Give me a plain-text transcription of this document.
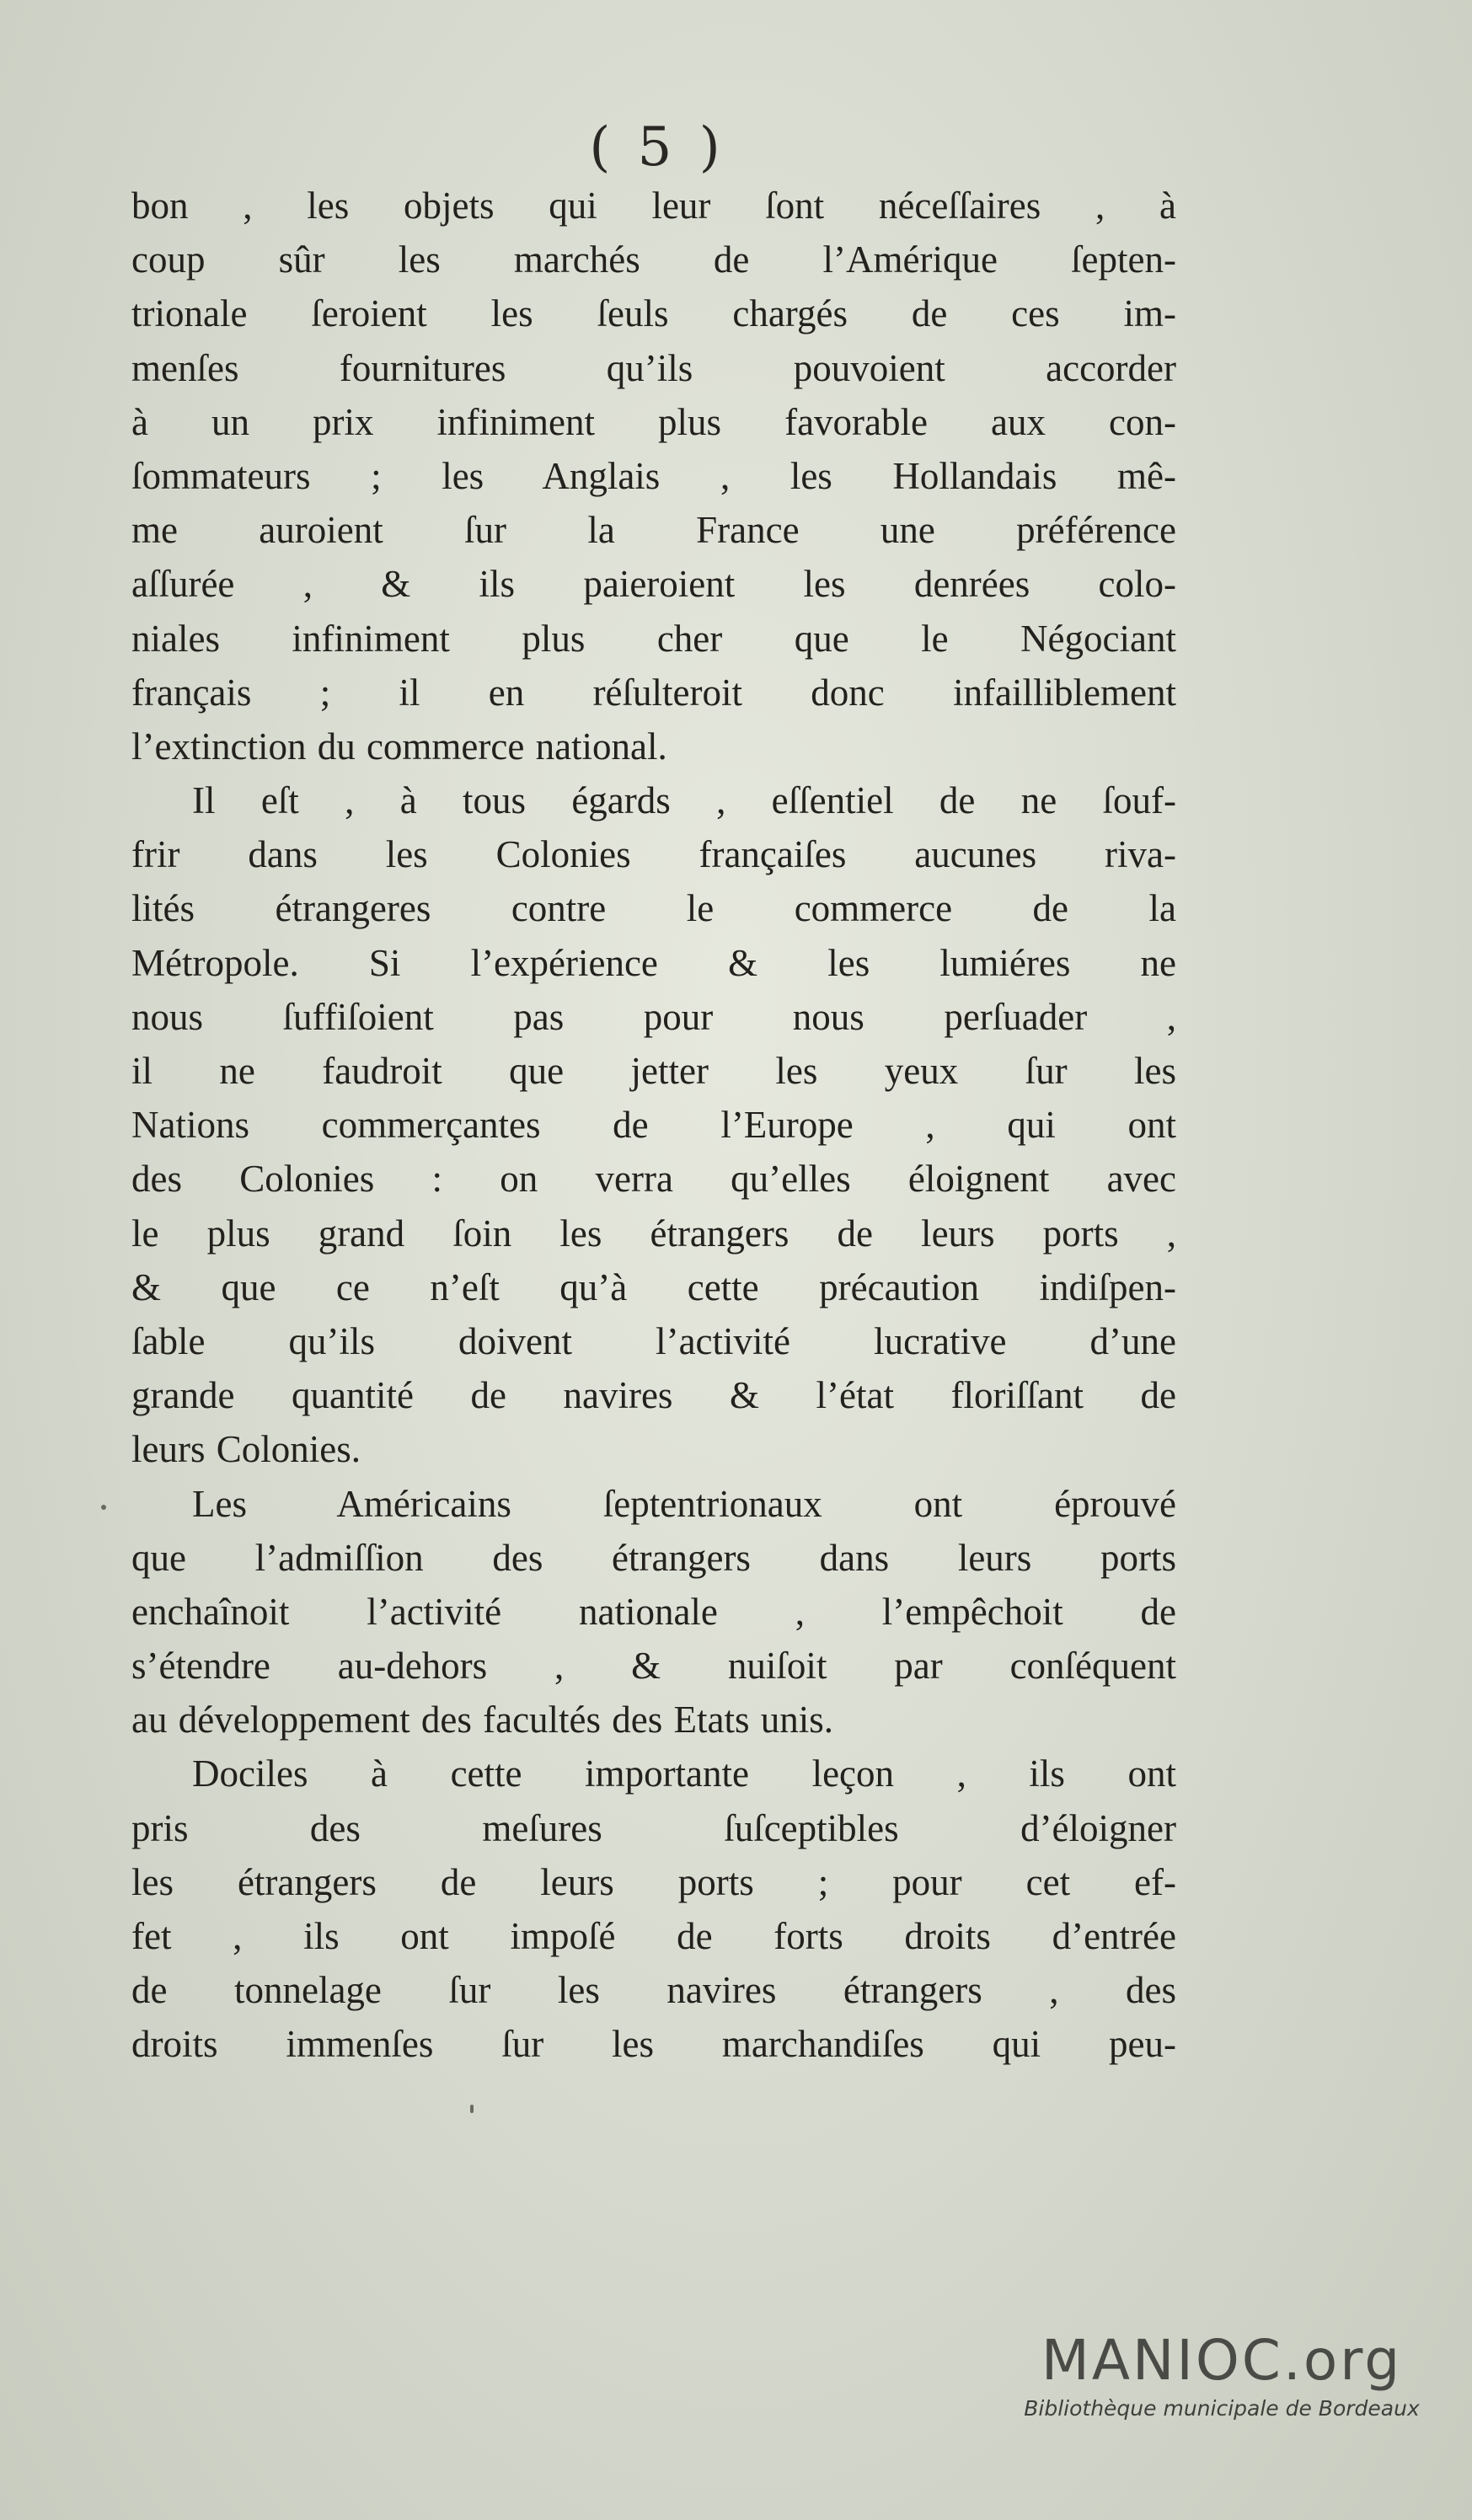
( 5 )
bon , les objets qui leur ſont néceſſaires , à
coup sûr les marchés de l’Amérique ſepten-
trionale ſeroient les ſeuls chargés de ces im-
menſes fournitures qu’ils pouvoient accorder
à un prix infiniment plus favorable aux con-
ſommateurs ; les Anglais , les Hollandais mê-
me auroient ſur la France une préférence
aſſurée , & ils paieroient les denrées colo-
niales infiniment plus cher que le Négociant
français ; il en réſulteroit donc infailliblement
l’extinction du commerce national.
Il eſt , à tous égards , eſſentiel de ne ſouf-
frir dans les Colonies françaiſes aucunes riva-
lités étrangeres contre le commerce de la
Métropole. Si l’expérience & les lumiéres ne
nous ſuffiſoient pas pour nous perſuader ,
il ne faudroit que jetter les yeux ſur les
Nations commerçantes de l’Europe , qui ont
des Colonies : on verra qu’elles éloignent avec
le plus grand ſoin les étrangers de leurs ports ,
& que ce n’eſt qu’à cette précaution indiſpen-
ſable qu’ils doivent l’activité lucrative d’une
grande quantité de navires & l’état floriſſant de
leurs Colonies.
Les Américains ſeptentrionaux ont éprouvé
que l’admiſſion des étrangers dans leurs ports
enchaînoit l’activité nationale , l’empêchoit de
s’étendre au-dehors , & nuiſoit par conſéquent
au développement des facultés des Etats unis.
Dociles à cette importante leçon , ils ont
pris des meſures ſuſceptibles d’éloigner
les étrangers de leurs ports ; pour cet ef-
fet , ils ont impoſé de forts droits d’entrée
de tonnelage ſur les navires étrangers , des
droits immenſes ſur les marchandiſes qui peu-
MANIOC.org
Bibliothèque municipale de Bordeaux
